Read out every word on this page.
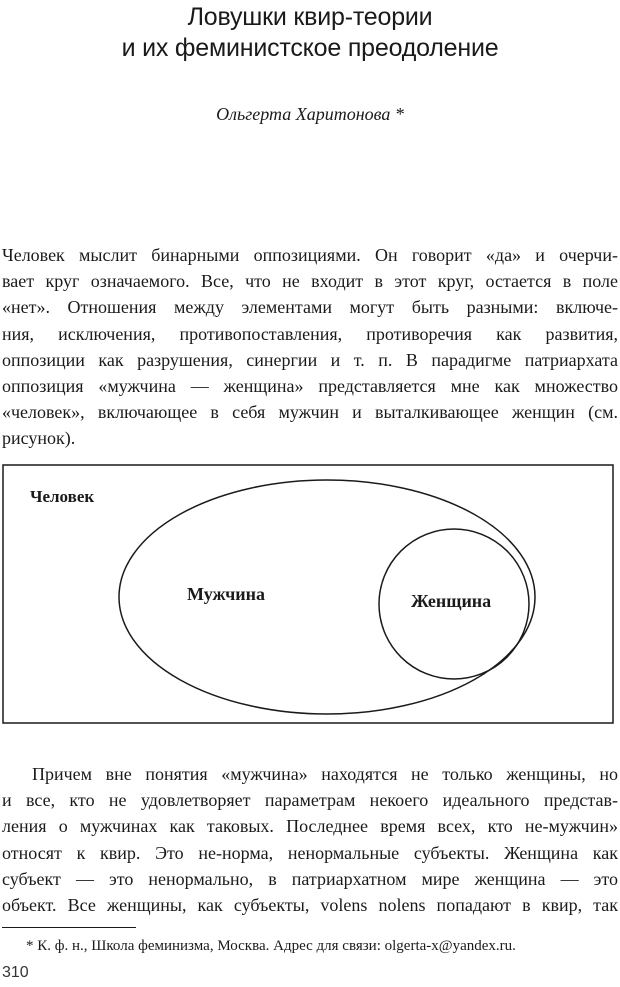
Ловушки квир-теории
и их феминистское преодоление
Ольгерта Харитонова *
Человек мыслит бинарными оппозициями. Он говорит «да» и очерчи-
вает круг означаемого. Все, что не входит в этот круг, остается в поле
«нет». Отношения между элементами могут быть разными: включе-
ния, исключения, противопоставления, противоречия как развития,
оппозиции как разрушения, синергии и т. п. В парадигме патриархата
оппозиция «мужчина — женщина» представляется мне как множество
«человек», включающее в себя мужчин и выталкивающее женщин (см.
рисунок).
Человек
Мужчина	Женщина
Причем вне понятия «мужчина» находятся не только женщины, но
и все, кто не удовлетворяет параметрам некоего идеального представ-
ления о мужчинах как таковых. Последнее время всех, кто не-мужчин»
относят к квир. Это не-норма, ненормальные субъекты. Женщина как
субъект — это ненормально, в патриархатном мире женщина — это
объект. Все женщины, как субъекты, volens nolens попадают в квир, так
* К. ф. н., Школа феминизма, Москва. Адрес для связи: olgerta-x@yandex.ru.
310
